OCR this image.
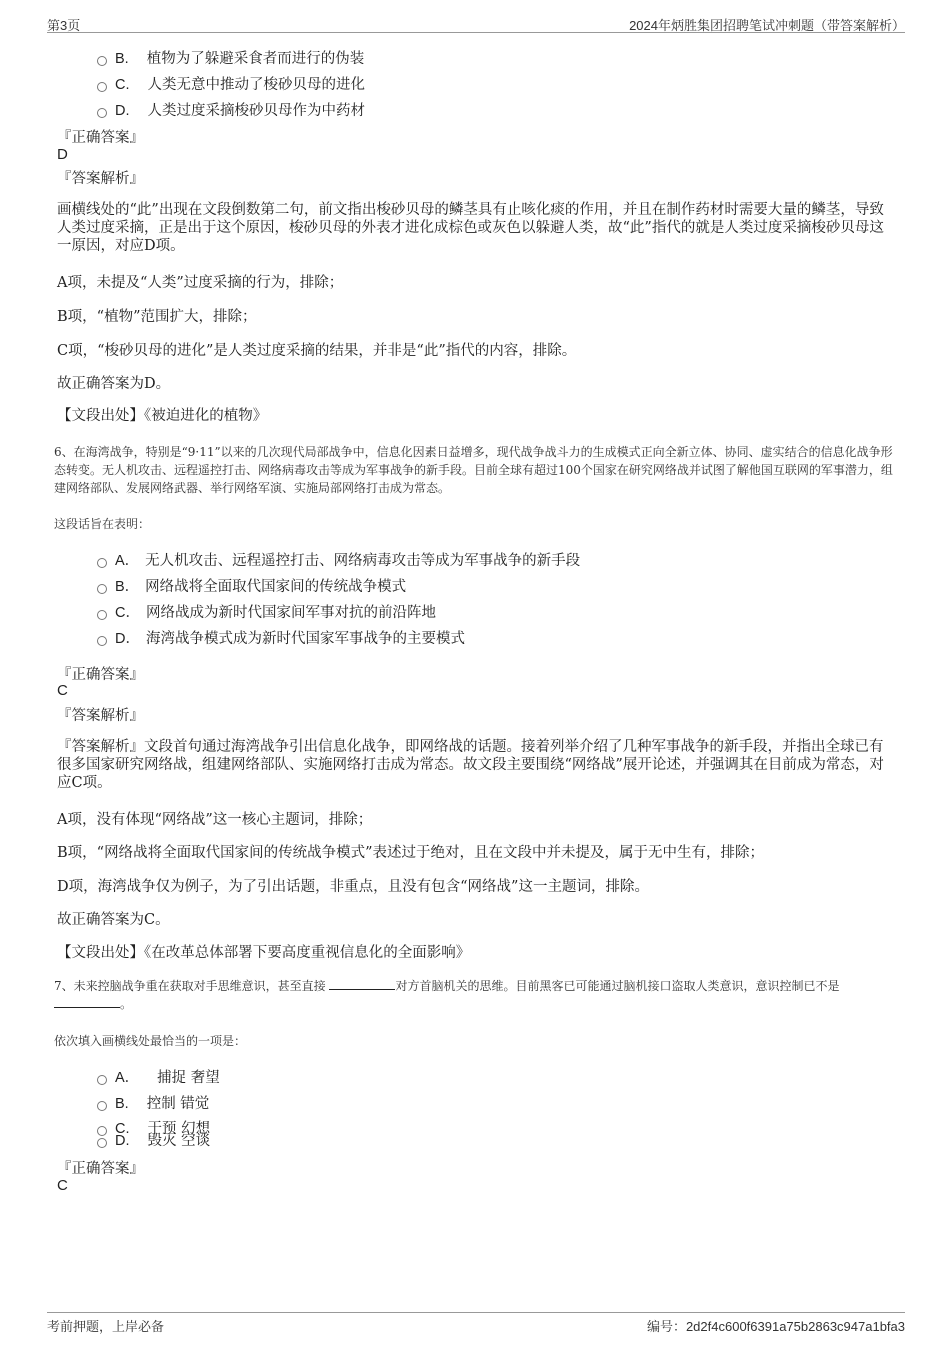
第3页	2024年炳胜集团招聘笔试冲刺题（带答案解析）
B. 植物为了躲避采食者而进行的伪装
C. 人类无意中推动了梭砂贝母的进化
D. 人类过度采摘梭砂贝母作为中药材
『正确答案』
D
『答案解析』
画横线处的“此”出现在文段倒数第二句，前文指出梭砂贝母的鳞茎具有止咳化痰的作用，并且在制作药材时需要大量的鳞茎，导致人类过度采摘，正是出于这个原因，梭砂贝母的外表才进化成棕色或灰色以躲避人类，故“此”指代的就是人类过度采摘梭砂贝母这一原因，对应D项。
A项，未提及“人类”过度采摘的行为，排除；
B项，“植物”范围扩大，排除；
C项，“梭砂贝母的进化”是人类过度采摘的结果，并非是“此”指代的内容，排除。
故正确答案为D。
【文段出处】《被迫进化的植物》
6、在海湾战争，特别是“9·11”以来的几次现代局部战争中，信息化因素日益增多，现代战争战斗力的生成模式正向全新立体、协同、虚实结合的信息化战争形态转变。无人机攻击、远程遥控打击、网络病毒攻击等成为军事战争的新手段。目前全球有超过100个国家在研究网络战并试图了解他国互联网的军事潜力，组建网络部队、发展网络武器、举行网络军演、实施局部网络打击成为常态。
这段话旨在表明：
A． 无人机攻击、远程遥控打击、网络病毒攻击等成为军事战争的新手段
B． 网络战将全面取代国家间的传统战争模式
C． 网络战成为新时代国家间军事对抗的前沿阵地
D． 海湾战争模式成为新时代国家军事战争的主要模式
『正确答案』
C
『答案解析』
『答案解析』文段首句通过海湾战争引出信息化战争，即网络战的话题。接着列举介绍了几种军事战争的新手段，并指出全球已有很多国家研究网络战，组建网络部队、实施网络打击成为常态。故文段主要围绕“网络战”展开论述，并强调其在目前成为常态，对应C项。
A项，没有体现“网络战”这一核心主题词，排除；
B项，“网络战将全面取代国家间的传统战争模式”表述过于绝对，且在文段中并未提及，属于无中生有，排除；
D项，海湾战争仅为例子，为了引出话题，非重点，且没有包含“网络战”这一主题词，排除。
故正确答案为C。
【文段出处】《在改革总体部署下要高度重视信息化的全面影响》
7、未来控脑战争重在获取对手思维意识，甚至直接	对方首脑机关的思维。目前黑客已可能通过脑机接口盗取人类意识，意识控制已不是 。
依次填入画横线处最恰当的一项是：
A． 捕捉 奢望
B. 控制 错觉
C. 干预 幻想
D. 毁灭 空谈
『正确答案』
C
考前押题，上岸必备	编号：2d2f4c600f6391a75b2863c947a1bfa3
